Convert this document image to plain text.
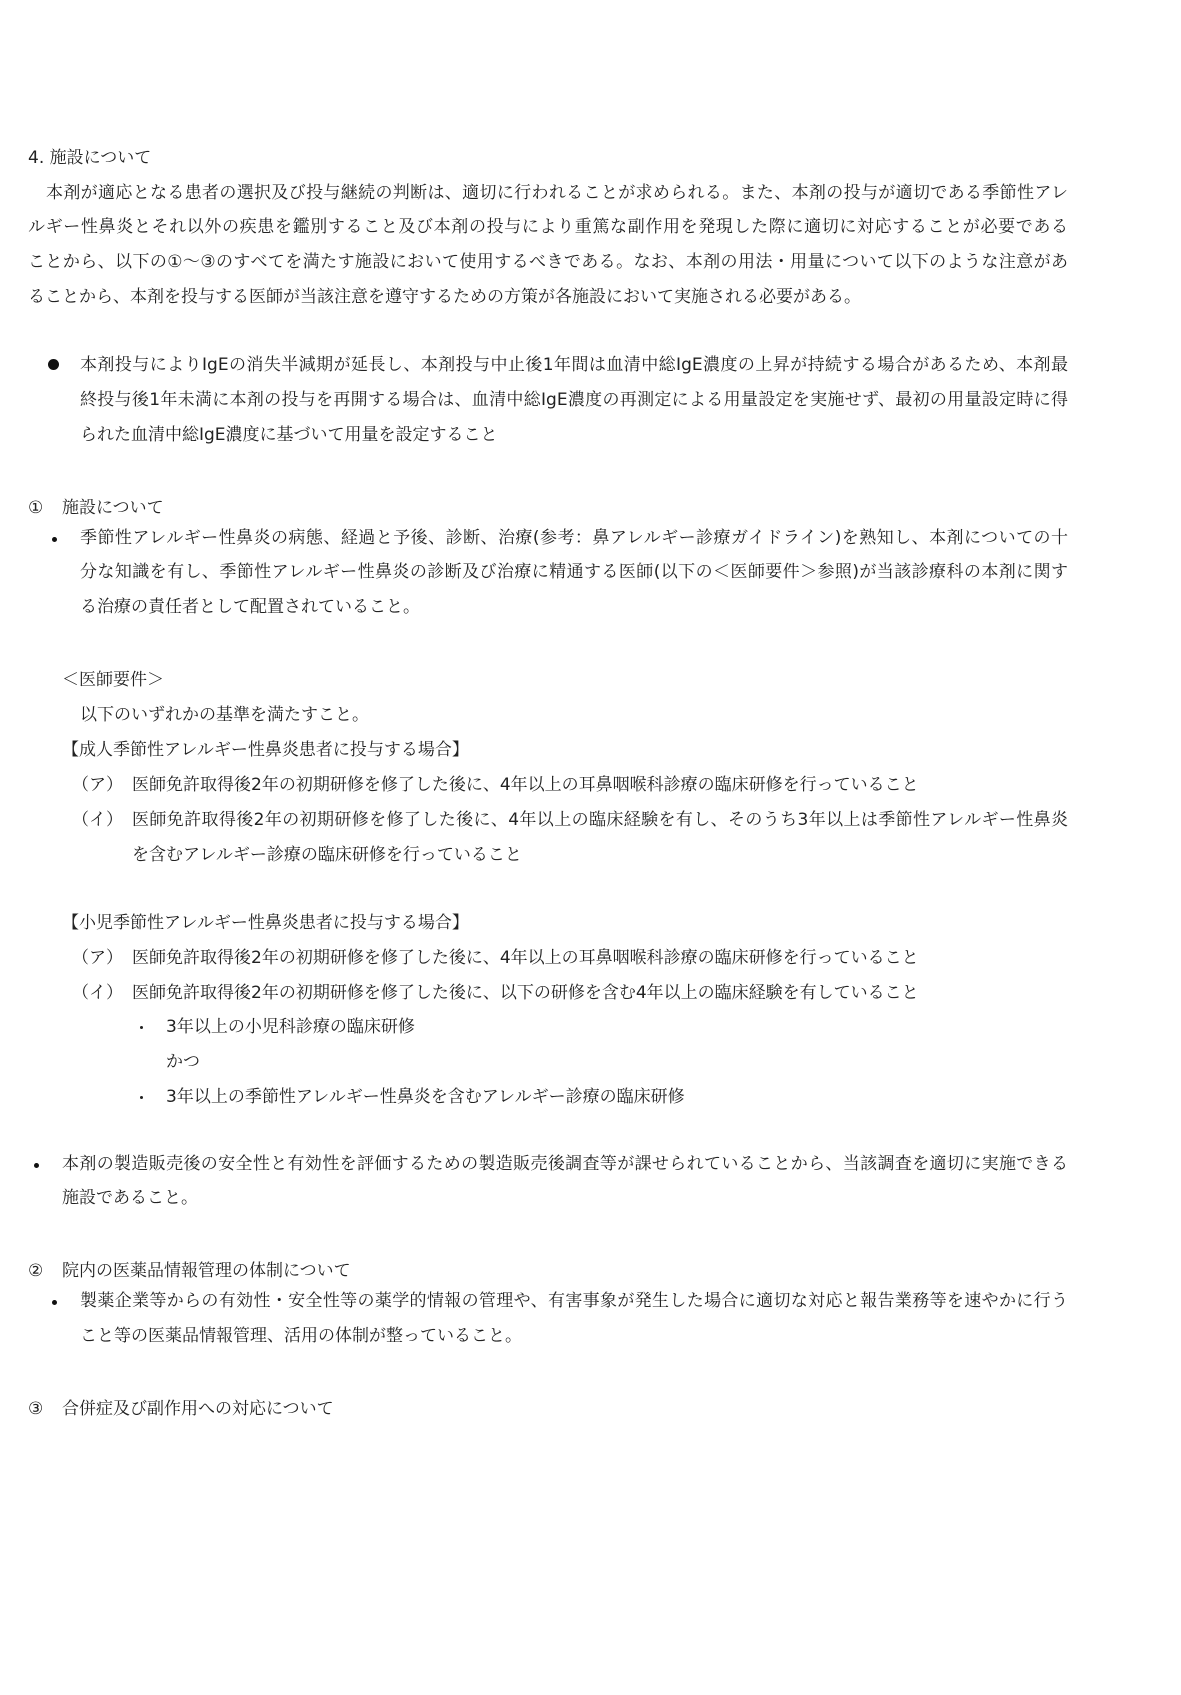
4. 施設について
本剤が適応となる患者の選択及び投与継続の判断は、適切に行われることが求められる。また、本剤の投与が適切である季節性アレ
ルギー性鼻炎とそれ以外の疾患を鑑別すること及び本剤の投与により重篤な副作用を発現した際に適切に対応することが必要である
ことから、以下の①～③のすべてを満たす施設において使用するべきである。なお、本剤の用法・用量について以下のような注意があ
ることから、本剤を投与する医師が当該注意を遵守するための方策が各施設において実施される必要がある。
本剤投与によりIgEの消失半減期が延長し、本剤投与中止後1年間は血清中総IgE濃度の上昇が持続する場合があるため、本剤最
終投与後1年未満に本剤の投与を再開する場合は、血清中総IgE濃度の再測定による用量設定を実施せず、最初の用量設定時に得
られた血清中総IgE濃度に基づいて用量を設定すること
① 施設について
季節性アレルギー性鼻炎の病態、経過と予後、診断、治療(参考：鼻アレルギー診療ガイドライン)を熟知し、本剤についての十
分な知識を有し、季節性アレルギー性鼻炎の診断及び治療に精通する医師(以下の＜医師要件＞参照)が当該診療科の本剤に関す
る治療の責任者として配置されていること。
＜医師要件＞
以下のいずれかの基準を満たすこと。
【成人季節性アレルギー性鼻炎患者に投与する場合】
（ア） 医師免許取得後2年の初期研修を修了した後に、4年以上の耳鼻咽喉科診療の臨床研修を行っていること
（イ） 医師免許取得後2年の初期研修を修了した後に、4年以上の臨床経験を有し、そのうち3年以上は季節性アレルギー性鼻炎
を含むアレルギー診療の臨床研修を行っていること
【小児季節性アレルギー性鼻炎患者に投与する場合】
（ア） 医師免許取得後2年の初期研修を修了した後に、4年以上の耳鼻咽喉科診療の臨床研修を行っていること
（イ） 医師免許取得後2年の初期研修を修了した後に、以下の研修を含む4年以上の臨床経験を有していること
3年以上の小児科診療の臨床研修
かつ
3年以上の季節性アレルギー性鼻炎を含むアレルギー診療の臨床研修
本剤の製造販売後の安全性と有効性を評価するための製造販売後調査等が課せられていることから、当該調査を適切に実施できる
施設であること。
② 院内の医薬品情報管理の体制について
製薬企業等からの有効性・安全性等の薬学的情報の管理や、有害事象が発生した場合に適切な対応と報告業務等を速やかに行う
こと等の医薬品情報管理、活用の体制が整っていること。
③ 合併症及び副作用への対応について
